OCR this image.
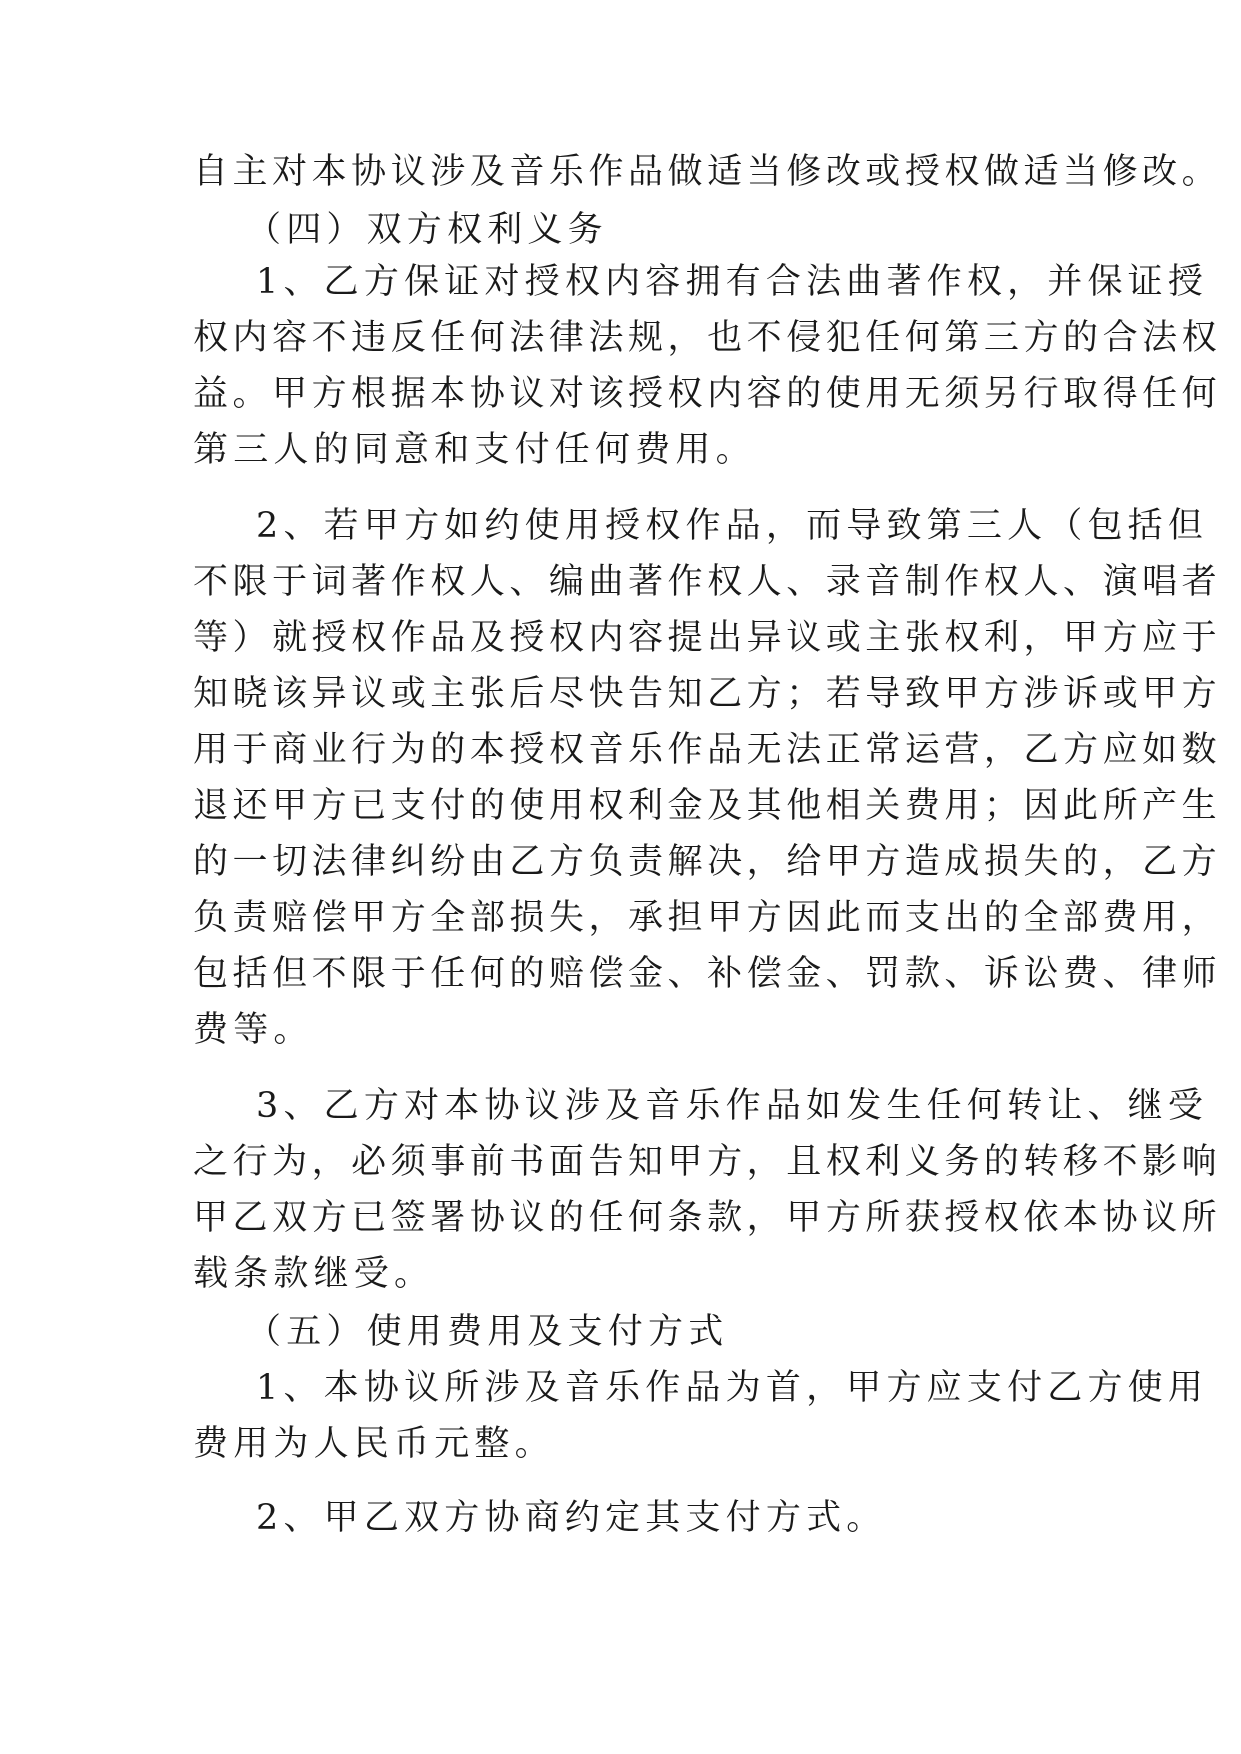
自主对本协议涉及音乐作品做适当修改或授权做适当修改。
（四）双方权利义务
1、乙方保证对授权内容拥有合法曲著作权，并保证授
权内容不违反任何法律法规，也不侵犯任何第三方的合法权
益。甲方根据本协议对该授权内容的使用无须另行取得任何
第三人的同意和支付任何费用。
2、若甲方如约使用授权作品，而导致第三人（包括但
不限于词著作权人、编曲著作权人、录音制作权人、演唱者
等）就授权作品及授权内容提出异议或主张权利，甲方应于
知晓该异议或主张后尽快告知乙方；若导致甲方涉诉或甲方
用于商业行为的本授权音乐作品无法正常运营，乙方应如数
退还甲方已支付的使用权利金及其他相关费用；因此所产生
的一切法律纠纷由乙方负责解决，给甲方造成损失的，乙方
负责赔偿甲方全部损失，承担甲方因此而支出的全部费用，
包括但不限于任何的赔偿金、补偿金、罚款、诉讼费、律师
费等。
3、乙方对本协议涉及音乐作品如发生任何转让、继受
之行为，必须事前书面告知甲方，且权利义务的转移不影响
甲乙双方已签署协议的任何条款，甲方所获授权依本协议所
载条款继受。
（五）使用费用及支付方式
1、本协议所涉及音乐作品为首，甲方应支付乙方使用
费用为人民币元整。
2、甲乙双方协商约定其支付方式。
